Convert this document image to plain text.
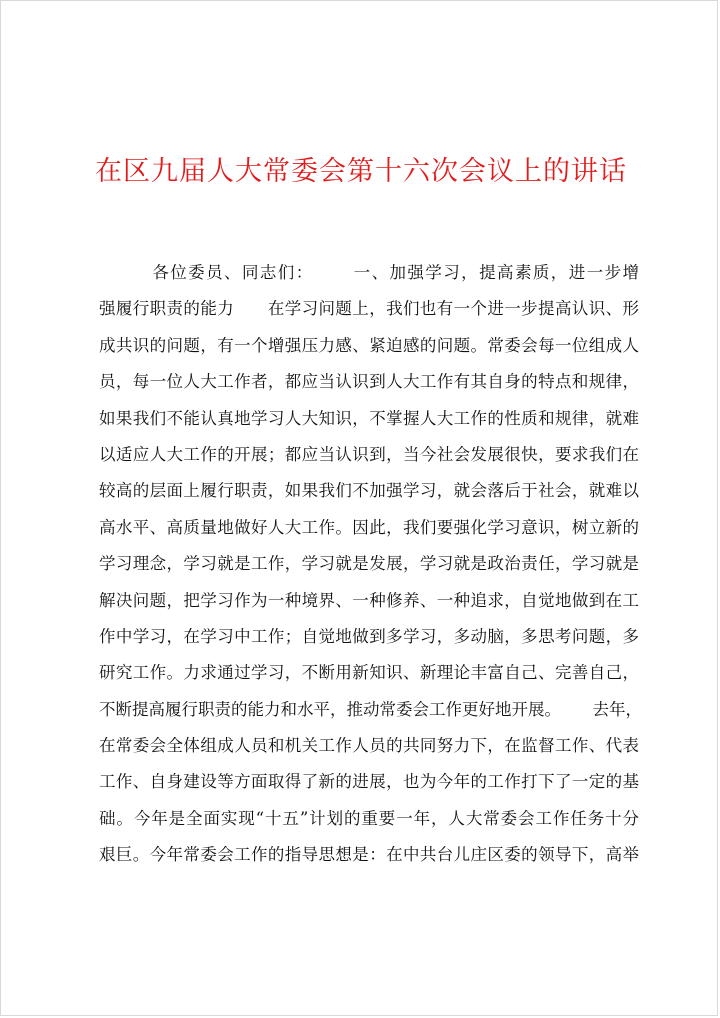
在区九届人大常委会第十六次会议上的讲话
各位委员、同志们：      一、加强学习，提高素质，进一步增
强履行职责的能力      在学习问题上，我们也有一个进一步提高认识、形
成共识的问题，有一个增强压力感、紧迫感的问题。常委会每一位组成人
员，每一位人大工作者，都应当认识到人大工作有其自身的特点和规律，
如果我们不能认真地学习人大知识，不掌握人大工作的性质和规律，就难
以适应人大工作的开展；都应当认识到，当今社会发展很快，要求我们在
较高的层面上履行职责，如果我们不加强学习，就会落后于社会，就难以
高水平、高质量地做好人大工作。因此，我们要强化学习意识，树立新的
学习理念，学习就是工作，学习就是发展，学习就是政治责任，学习就是
解决问题，把学习作为一种境界、一种修养、一种追求，自觉地做到在工
作中学习，在学习中工作；自觉地做到多学习，多动脑，多思考问题，多
研究工作。力求通过学习，不断用新知识、新理论丰富自己、完善自己，
不断提高履行职责的能力和水平，推动常委会工作更好地开展。      去年，
在常委会全体组成人员和机关工作人员的共同努力下，在监督工作、代表
工作、自身建设等方面取得了新的进展，也为今年的工作打下了一定的基
础。今年是全面实现“十五”计划的重要一年，人大常委会工作任务十分
艰巨。今年常委会工作的指导思想是：在中共台儿庄区委的领导下，高举
